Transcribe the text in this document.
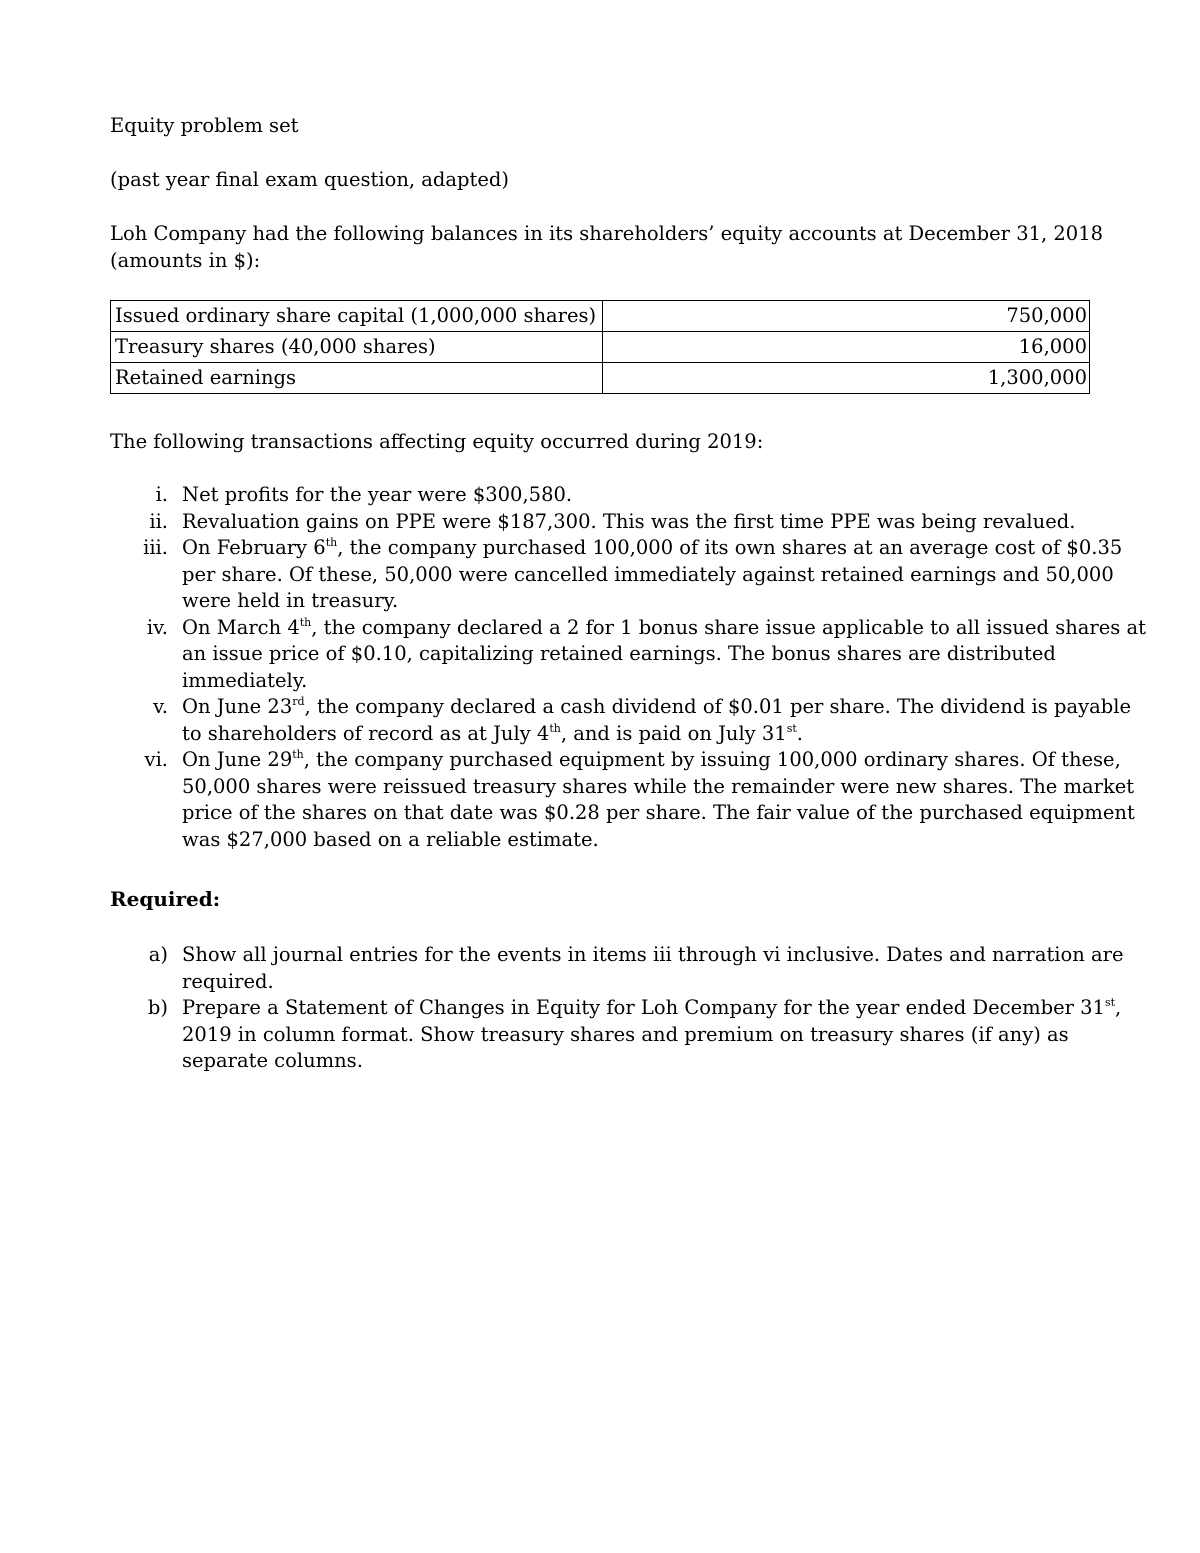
Equity problem set

(past year final exam question, adapted)

Loh Company had the following balances in its shareholders’ equity accounts at December 31, 2018
(amounts in $):

Issued ordinary share capital (1,000,000 shares)	750,000
Treasury shares (40,000 shares)	16,000
Retained earnings	1,300,000

The following transactions affecting equity occurred during 2019:

i. Net profits for the year were $300,580.
ii. Revaluation gains on PPE were $187,300. This was the first time PPE was being revalued.
iii. On February 6th, the company purchased 100,000 of its own shares at an average cost of $0.35
per share. Of these, 50,000 were cancelled immediately against retained earnings and 50,000
were held in treasury.
iv. On March 4th, the company declared a 2 for 1 bonus share issue applicable to all issued shares at
an issue price of $0.10, capitalizing retained earnings. The bonus shares are distributed
immediately.
v. On June 23rd, the company declared a cash dividend of $0.01 per share. The dividend is payable
to shareholders of record as at July 4th, and is paid on July 31st.
vi. On June 29th, the company purchased equipment by issuing 100,000 ordinary shares. Of these,
50,000 shares were reissued treasury shares while the remainder were new shares. The market
price of the shares on that date was $0.28 per share. The fair value of the purchased equipment
was $27,000 based on a reliable estimate.

Required:

a) Show all journal entries for the events in items iii through vi inclusive. Dates and narration are
required.
b) Prepare a Statement of Changes in Equity for Loh Company for the year ended December 31st,
2019 in column format. Show treasury shares and premium on treasury shares (if any) as
separate columns.
